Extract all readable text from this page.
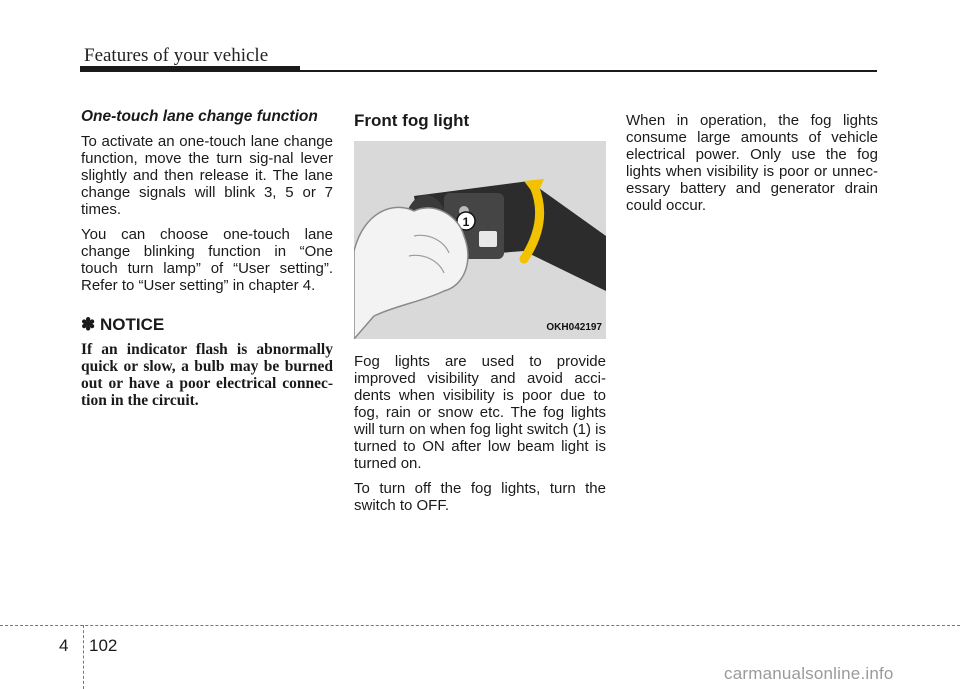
Features of your vehicle

One-touch lane change function

To activate an one-touch lane change function, move the turn sig-nal lever slightly and then release it. The lane change signals will blink 3, 5 or 7 times.

You can choose one-touch lane change blinking function in “One touch turn lamp” of “User setting”. Refer to “User setting” in chapter 4.

✽ NOTICE

If an indicator flash is abnormally quick or slow, a bulb may be burned out or have a poor electrical connec-tion in the circuit.

Front fog light
1
OKH042197

Fog lights are used to provide improved visibility and avoid acci-dents when visibility is poor due to fog, rain or snow etc. The fog lights will turn on when fog light switch (1) is turned to ON after low beam light is turned on.

To turn off the fog lights, turn the switch to OFF.

When in operation, the fog lights consume large amounts of vehicle electrical power. Only use the fog lights when visibility is poor or unnec-essary battery and generator drain could occur.

4 102
carmanualsonline.info
